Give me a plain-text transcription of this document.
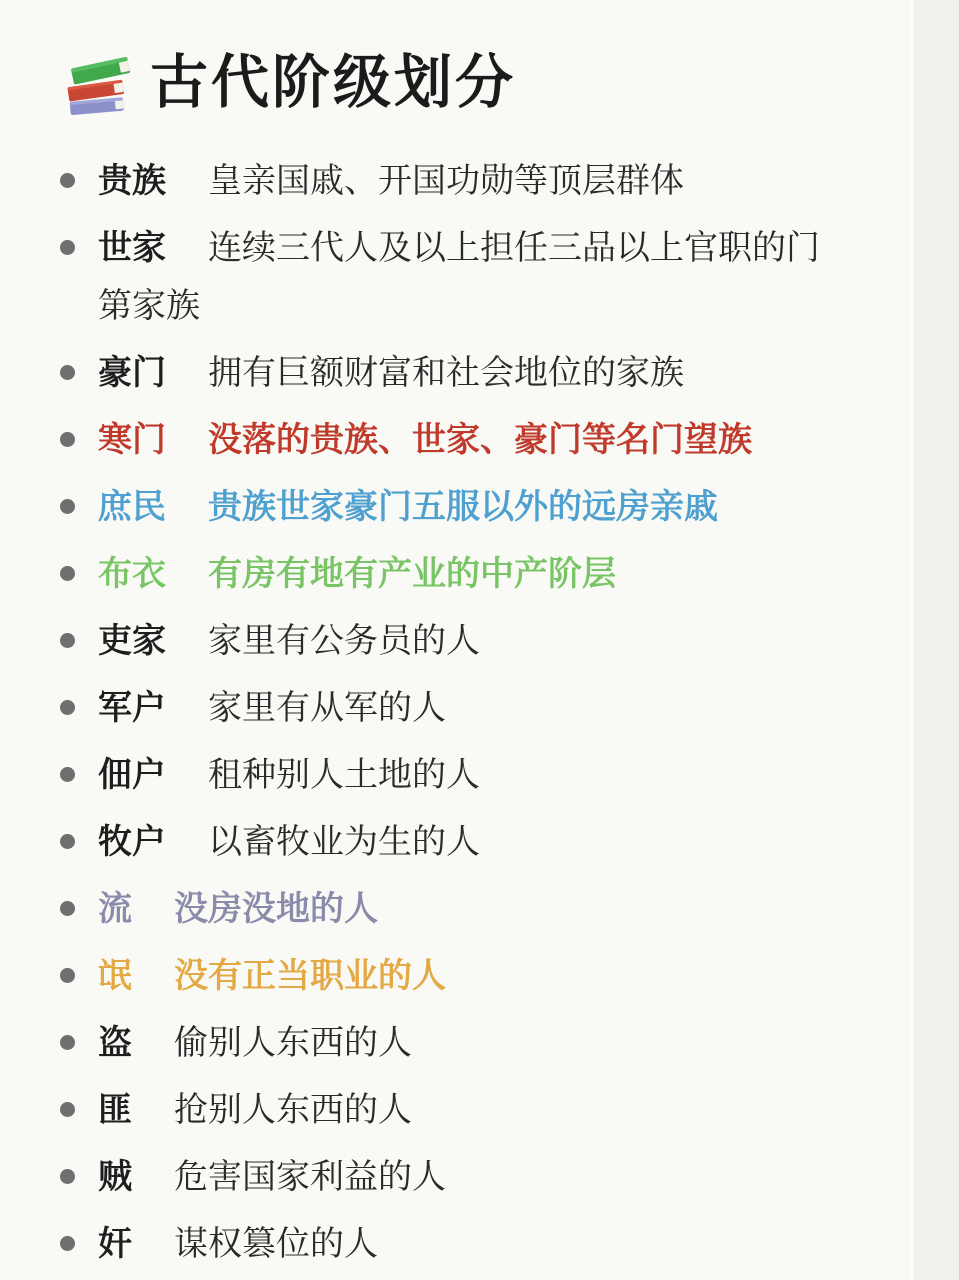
古代阶级划分

贵族 皇亲国戚、开国功勋等顶层群体

世家 连续三代人及以上担任三品以上官职的门第家族

豪门 拥有巨额财富和社会地位的家族

寒门 没落的贵族、世家、豪门等名门望族

庶民 贵族世家豪门五服以外的远房亲戚

布衣 有房有地有产业的中产阶层

吏家 家里有公务员的人

军户 家里有从军的人

佃户 租种别人土地的人

牧户 以畜牧业为生的人

流 没房没地的人

氓 没有正当职业的人

盗 偷别人东西的人

匪 抢别人东西的人

贼 危害国家利益的人

奸 谋权篡位的人
